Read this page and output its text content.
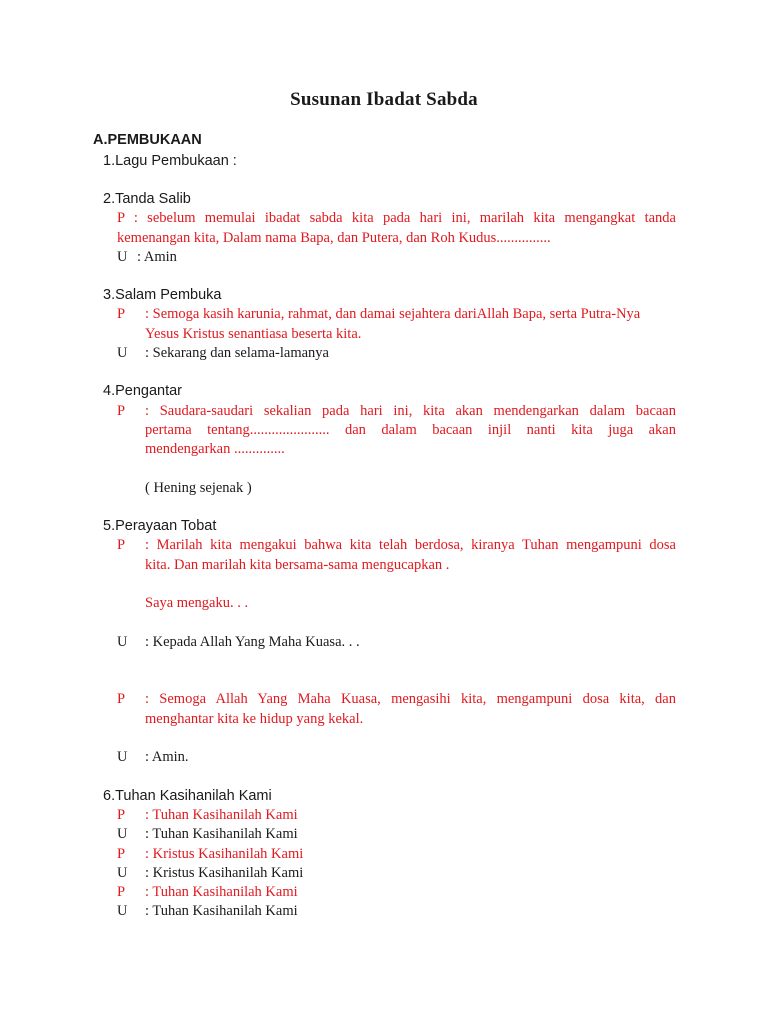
Susunan Ibadat Sabda
A.PEMBUKAAN
1.Lagu Pembukaan :
2.Tanda Salib
P : sebelum memulai ibadat sabda kita pada hari ini, marilah kita mengangkat tanda
kemenangan kita, Dalam nama Bapa, dan Putera, dan Roh Kudus...............
U : Amin
3.Salam Pembuka
P : Semoga kasih karunia, rahmat, dan damai sejahtera dariAllah Bapa, serta Putra-Nya
Yesus Kristus senantiasa beserta kita.
U : Sekarang dan selama-lamanya
4.Pengantar
P : Saudara-saudari sekalian pada hari ini, kita akan mendengarkan dalam bacaan
pertama tentang...................... dan dalam bacaan injil nanti kita juga akan
mendengarkan ..............
( Hening sejenak )
5.Perayaan Tobat
P : Marilah kita mengakui bahwa kita telah berdosa, kiranya Tuhan mengampuni dosa
kita. Dan marilah kita bersama-sama mengucapkan .
Saya mengaku. . .
U : Kepada Allah Yang Maha Kuasa. . .
P : Semoga Allah Yang Maha Kuasa, mengasihi kita, mengampuni dosa kita, dan
menghantar kita ke hidup yang kekal.
U : Amin.
6.Tuhan Kasihanilah Kami
P : Tuhan Kasihanilah Kami
U : Tuhan Kasihanilah Kami
P : Kristus Kasihanilah Kami
U : Kristus Kasihanilah Kami
P : Tuhan Kasihanilah Kami
U : Tuhan Kasihanilah Kami
